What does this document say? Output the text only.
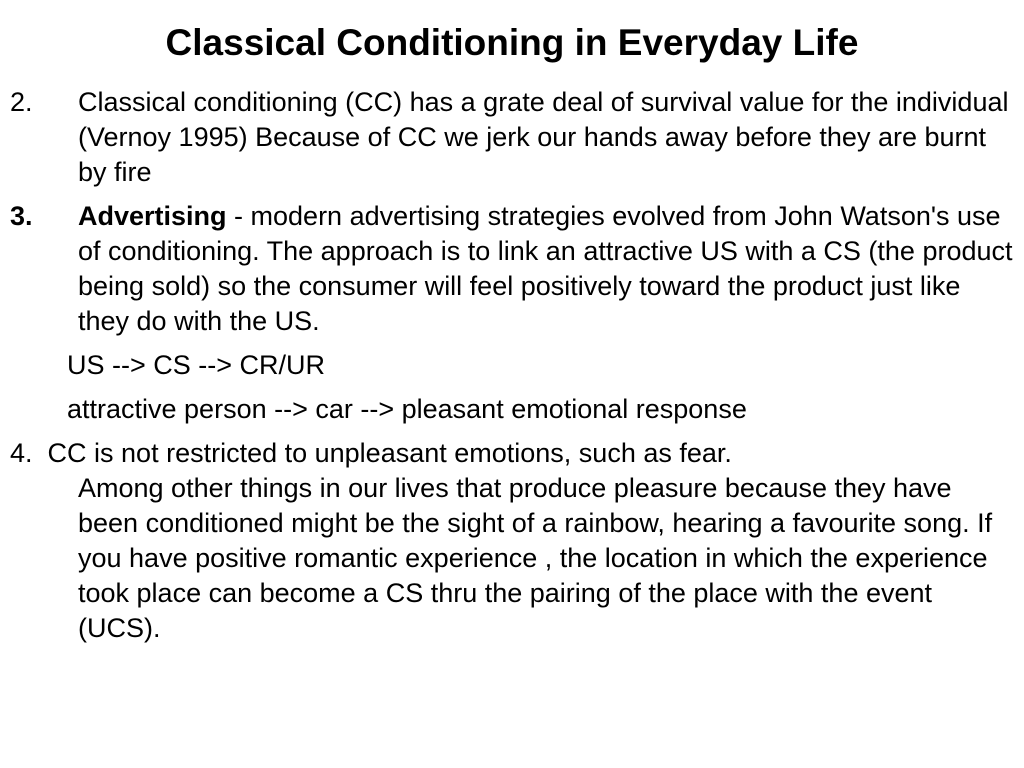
Classical Conditioning in Everyday Life
2. Classical conditioning (CC) has a grate deal of survival value for the individual (Vernoy 1995) Because of CC we jerk our hands away before they are burnt by fire
3. Advertising - modern advertising strategies evolved from John Watson's use of conditioning. The approach is to link an attractive US with a CS (the product being sold) so the consumer will feel positively toward the product just like they do with the US.
US --> CS --> CR/UR
attractive person --> car --> pleasant emotional response
4. CC is not restricted to unpleasant emotions, such as fear.
Among other things in our lives that produce pleasure because they have been conditioned might be the sight of a rainbow, hearing a favourite song. If you have positive romantic experience , the location in which the experience took place can become a CS thru the pairing of the place with the event (UCS).
